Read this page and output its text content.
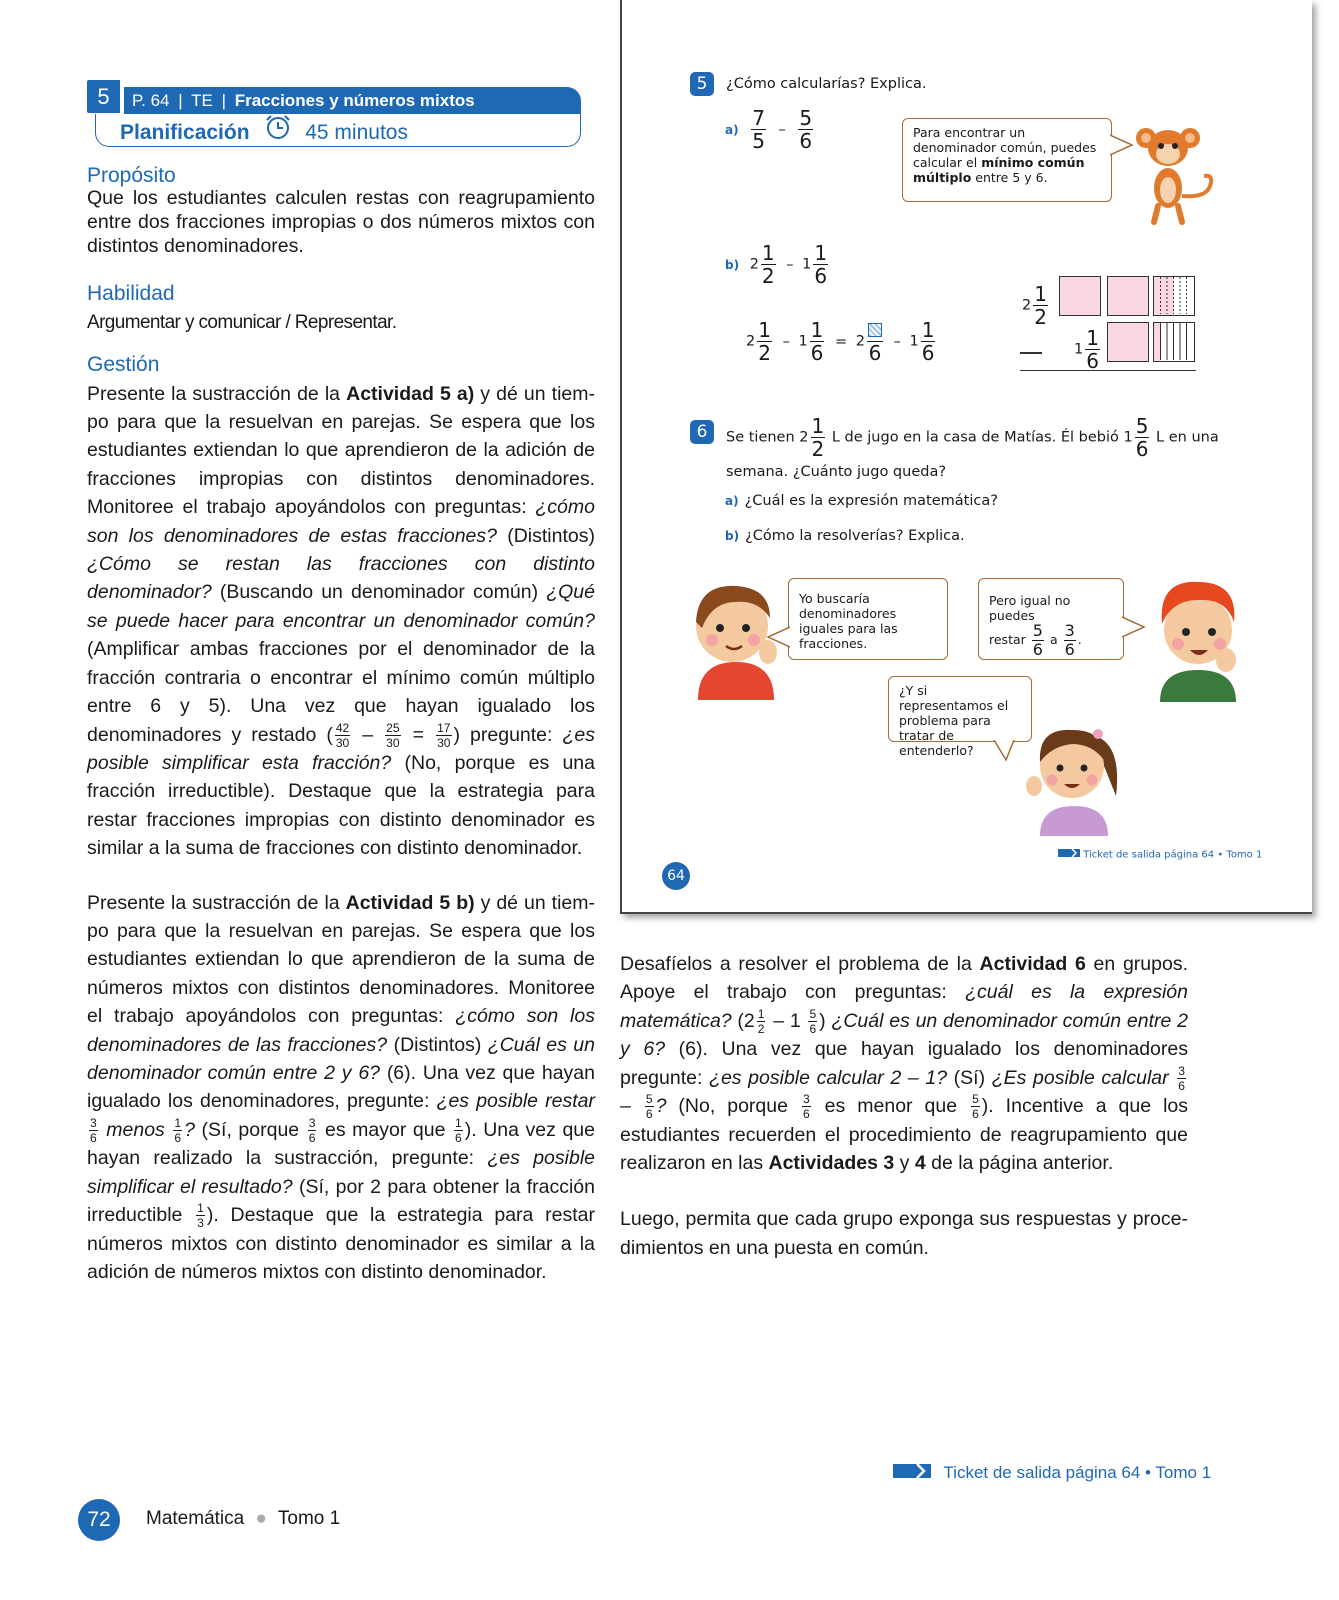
5	P. 64 | TE | Fracciones y números mixtos
Planificación	45 minutos
Propósito
Que los estudiantes calculen restas con reagrupamiento entre dos fracciones impropias o dos números mixtos con distintos denominadores.
Habilidad
Argumentar y comunicar / Representar.
Gestión
Presente la sustracción de la Actividad 5 a) y dé un tiempo para que la resuelvan en parejas. Se espera que los estudiantes extiendan lo que aprendieron de la adición de fracciones impropias con distintos denominadores. Monitoree el trabajo apoyándolos con preguntas: ¿cómo son los denominadores de estas fracciones? (Distintos) ¿Cómo se restan las fracciones con distinto denominador? (Buscando un denominador común) ¿Qué se puede hacer para encontrar un denominador común? (Amplificar ambas fracciones por el denominador de la fracción contraria o encontrar el mínimo común múltiplo entre 6 y 5). Una vez que hayan igualado los denominadores y restado ( $\frac{42}{30} - \frac{25}{30} = \frac{17}{30}$ ) pregunte: ¿es posible simplificar esta fracción? (No, porque es una fracción irreductible). Destaque que la estrategia para restar fracciones impropias con distinto denominador es similar a la suma de fracciones con distinto denominador.
Presente la sustracción de la Actividad 5 b) y dé un tiempo para que la resuelvan en parejas. Se espera que los estudiantes extiendan lo que aprendieron de la suma de números mixtos con distintos denominadores. Monitoree el trabajo apoyándolos con preguntas: ¿cómo son los denominadores de las fracciones? (Distintos) ¿Cuál es un denominador común entre 2 y 6? (6). Una vez que hayan igualado los denominadores, pregunte: ¿es posible restar
$\frac{3}{6}$ menos $\frac{1}{6}$ ? (Sí, porque $\frac{3}{6}$ es mayor que $\frac{1}{6}$ ). Una vez que hayan realizado la sustracción, pregunte: ¿es posible simplificar el resultado? (Sí, por 2 para obtener la fracción irreductible $\frac{1}{3}$ ). Destaque que la estrategia para restar números mixtos con distinto denominador es similar a la adición de números mixtos con distinto denominador.
5	¿Cómo calcularías? Explica.
$a) \frac{7}{5} - \frac{5}{6}$	Para encontrar un denominador común, puedes calcular el mínimo común múltiplo entre 5 y 6.
b) $2 \frac{1}{2} - 1 \frac{1}{6}$
$2 \frac{1}{2} - 1 \frac{1}{6} = 2$ $6 - 1 \frac{1}{6}$
$2 \frac{1}{2}$
$1 \frac{1}{6}$
6	Se tienen $2 \frac{1}{2}$ L de jugo en la casa de Matías. Él bebió $1 \frac{5}{6}$ L en una
semana. ¿Cuánto jugo queda?
a) ¿Cuál es la expresión matemática?
b) ¿Cómo la resolverías? Explica.
Yo buscaría denominadores iguales para las fracciones.
Pero igual no puedes
restar $\frac{5}{6}$ a $\frac{3}{6}$ .
¿Y si representamos el problema para tratar de entenderlo?
64
Ticket de salida página 64 • Tomo 1
Desafíelos a resolver el problema de la Actividad 6 en grupos. Apoye el trabajo con preguntas: ¿cuál es la expresión matemática? ($2 \frac{1}{2} - 1 \frac{5}{6}$ ) ¿Cuál es un denominador común entre 2 y 6? (6). Una vez que hayan igualado los denominadores pregunte: ¿es posible calcular 2 – 1? (Sí) ¿Es posible calcular $\frac{3}{6}$
– $\frac{5}{6}$ ? (No, porque $\frac{3}{6}$ es menor que $\frac{5}{6}$ ). Incentive a que los estudiantes recuerden el procedimiento de reagrupamiento que realizaron en las Actividades 3 y 4 de la página anterior.
Luego, permita que cada grupo exponga sus respuestas y procedimientos en una puesta en común.
Ticket de salida página 64 • Tomo 1
72	Matemática ● Tomo 1
